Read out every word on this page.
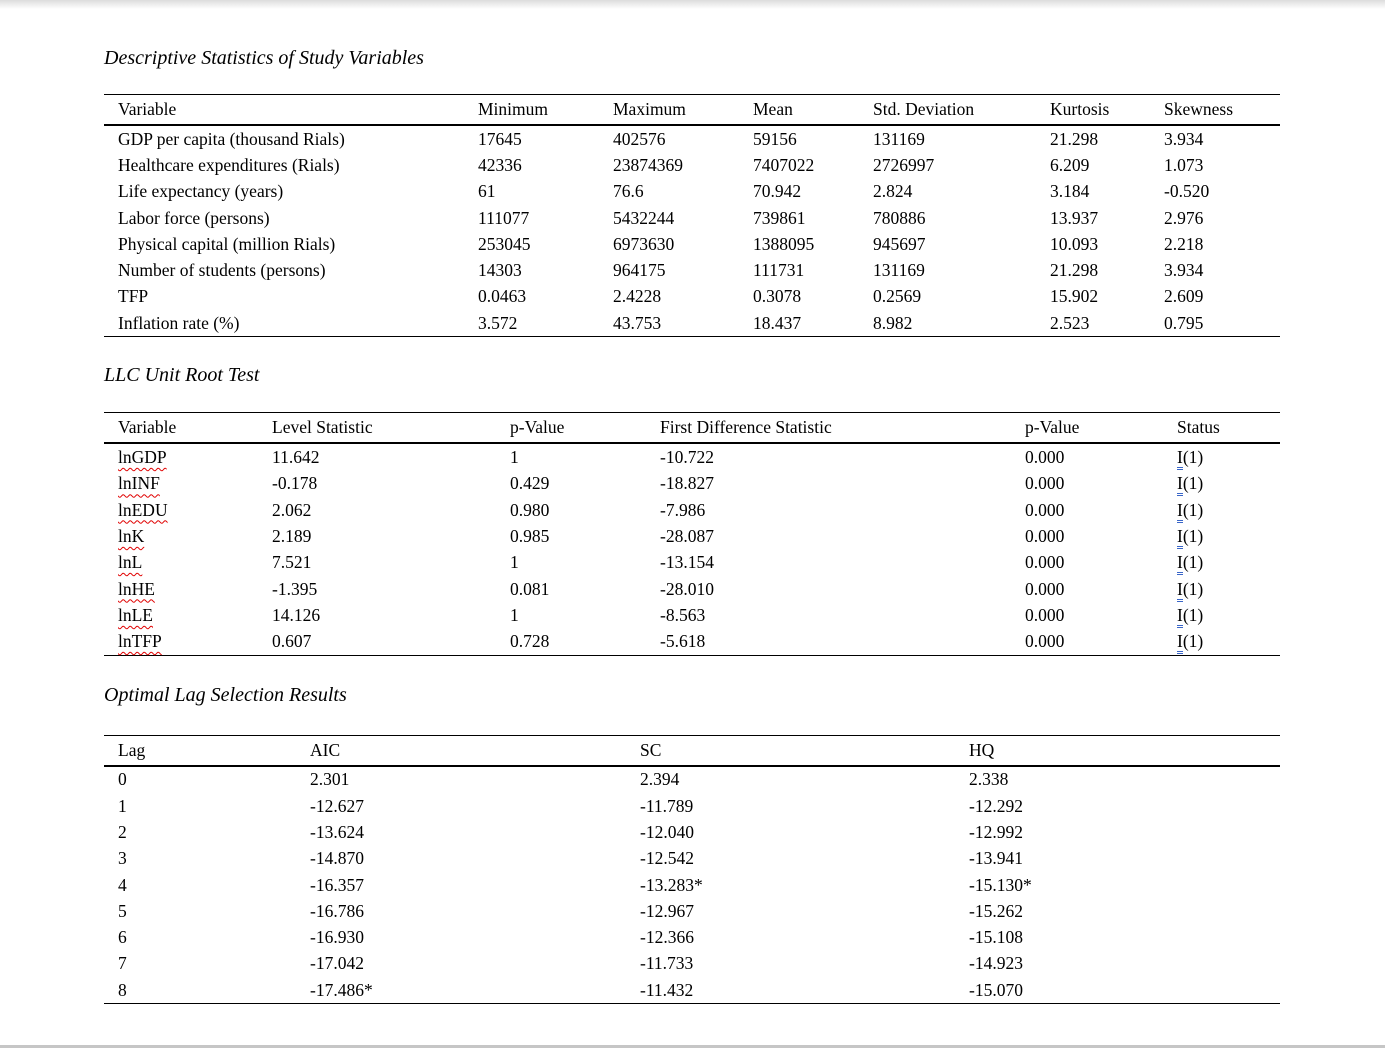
Descriptive Statistics of Study Variables
Variable	Minimum	Maximum	Mean	Std. Deviation	Kurtosis	Skewness
GDP per capita (thousand Rials)	17645	402576	59156	131169	21.298	3.934
Healthcare expenditures (Rials)	42336	23874369	7407022	2726997	6.209	1.073
Life expectancy (years)	61	76.6	70.942	2.824	3.184	-0.520
Labor force (persons)	111077	5432244	739861	780886	13.937	2.976
Physical capital (million Rials)	253045	6973630	1388095	945697	10.093	2.218
Number of students (persons)	14303	964175	111731	131169	21.298	3.934
TFP	0.0463	2.4228	0.3078	0.2569	15.902	2.609
Inflation rate (%)	3.572	43.753	18.437	8.982	2.523	0.795
LLC Unit Root Test
Variable	Level Statistic	p-Value	First Difference Statistic	p-Value	Status
lnGDP	11.642	1	-10.722	0.000	I(1)
lnINF	-0.178	0.429	-18.827	0.000	I(1)
lnEDU	2.062	0.980	-7.986	0.000	I(1)
lnK	2.189	0.985	-28.087	0.000	I(1)
lnL	7.521	1	-13.154	0.000	I(1)
lnHE	-1.395	0.081	-28.010	0.000	I(1)
lnLE	14.126	1	-8.563	0.000	I(1)
lnTFP	0.607	0.728	-5.618	0.000	I(1)
Optimal Lag Selection Results
Lag	AIC	SC	HQ
0	2.301	2.394	2.338
1	-12.627	-11.789	-12.292
2	-13.624	-12.040	-12.992
3	-14.870	-12.542	-13.941
4	-16.357	-13.283*	-15.130*
5	-16.786	-12.967	-15.262
6	-16.930	-12.366	-15.108
7	-17.042	-11.733	-14.923
8	-17.486*	-11.432	-15.070
